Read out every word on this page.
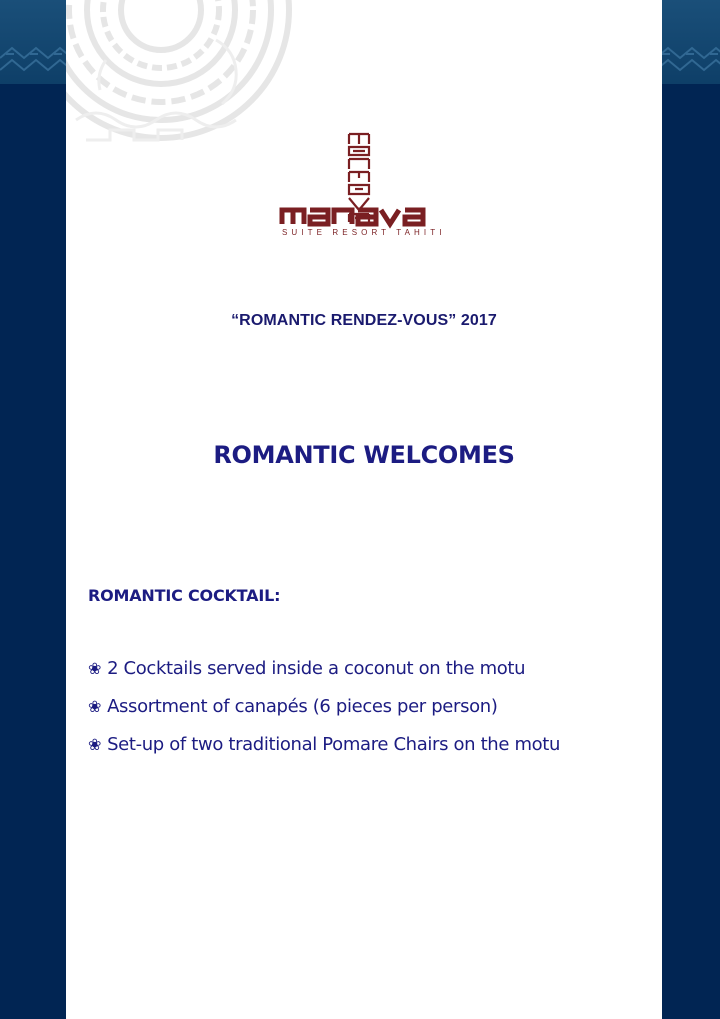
SUITE RESORT TAHITI
“ROMANTIC RENDEZ-VOUS” 2017
ROMANTIC WELCOMES
ROMANTIC COCKTAIL:
❀ 2 Cocktails served inside a coconut on the motu
❀ Assortment of canapés (6 pieces per person)
❀ Set-up of two traditional Pomare Chairs on the motu
